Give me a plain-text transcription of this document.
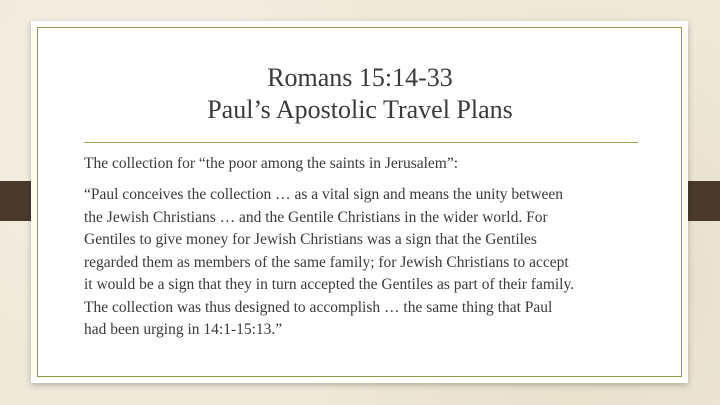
Romans 15:14-33
Paul’s Apostolic Travel Plans

The collection for “the poor among the saints in Jerusalem”:

“Paul conceives the collection … as a vital sign and means the unity between
the Jewish Christians … and the Gentile Christians in the wider world. For
Gentiles to give money for Jewish Christians was a sign that the Gentiles
regarded them as members of the same family; for Jewish Christians to accept
it would be a sign that they in turn accepted the Gentiles as part of their family.
The collection was thus designed to accomplish … the same thing that Paul
had been urging in 14:1-15:13.”
